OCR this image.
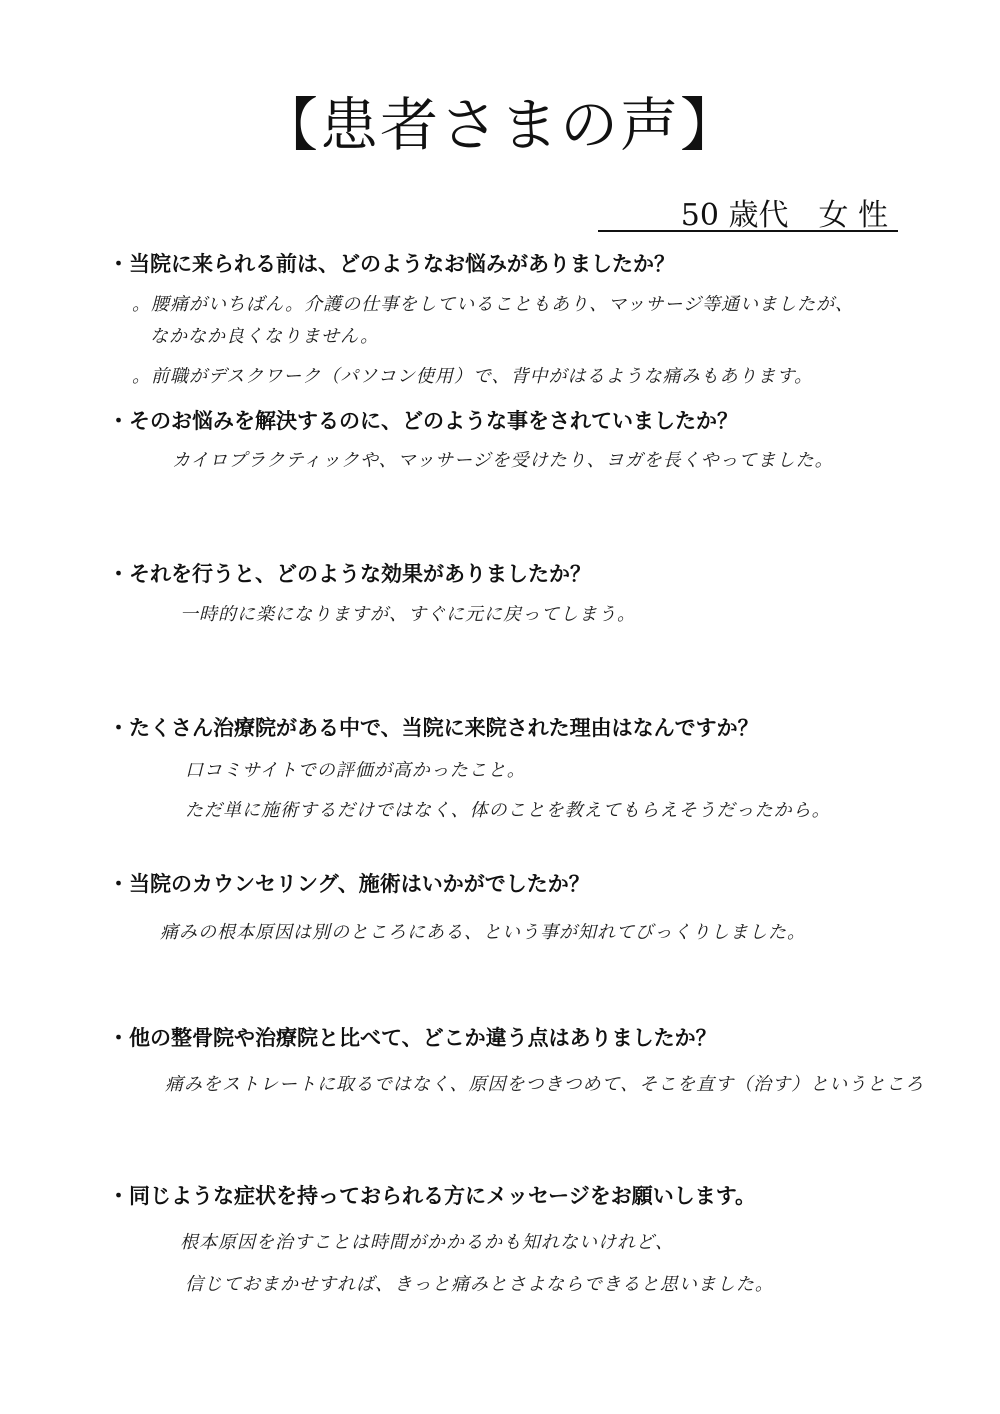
【患者さまの声】
50 歳代　女 性
・当院に来られる前は、どのようなお悩みがありましたか？
。腰痛がいちばん。介護の仕事をしていることもあり、マッサージ等通いましたが、
なかなか良くなりません。
。前職がデスクワーク（パソコン使用）で、背中がはるような痛みもあります。
・そのお悩みを解決するのに、どのような事をされていましたか？
カイロプラクティックや、マッサージを受けたり、ヨガを長くやってました。
・それを行うと、どのような効果がありましたか？
一時的に楽になりますが、すぐに元に戻ってしまう。
・たくさん治療院がある中で、当院に来院された理由はなんですか？
口コミサイトでの評価が高かったこと。
ただ単に施術するだけではなく、体のことを教えてもらえそうだったから。
・当院のカウンセリング、施術はいかがでしたか？
痛みの根本原因は別のところにある、という事が知れてびっくりしました。
・他の整骨院や治療院と比べて、どこか違う点はありましたか？
痛みをストレートに取るではなく、原因をつきつめて、そこを直す（治す）というところ
・同じような症状を持っておられる方にメッセージをお願いします。
根本原因を治すことは時間がかかるかも知れないけれど、
信じておまかせすれば、きっと痛みとさよならできると思いました。
